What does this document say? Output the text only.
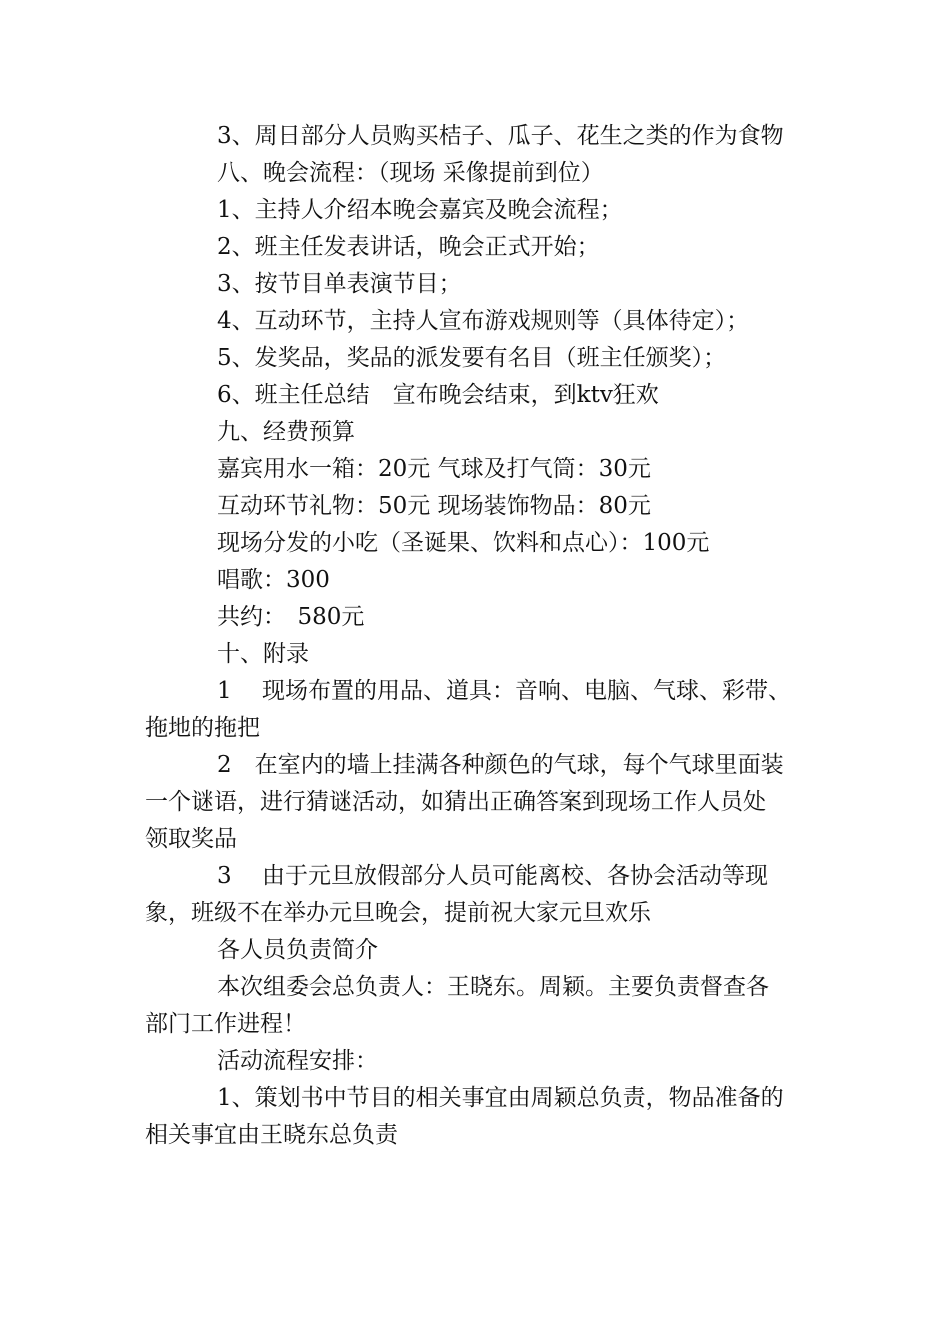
3、周日部分人员购买桔子、瓜子、花生之类的作为食物

八、晚会流程：（现场 采像提前到位）

1、主持人介绍本晚会嘉宾及晚会流程；

2、班主任发表讲话，晚会正式开始；

3、按节目单表演节目；

4、互动环节，主持人宣布游戏规则等（具体待定）；

5、发奖品，奖品的派发要有名目（班主任颁奖）；

6、班主任总结　宣布晚会结束，到ktv狂欢

九、经费预算

嘉宾用水一箱：20元 气球及打气筒：30元

互动环节礼物：50元 现场装饰物品：80元

现场分发的小吃（圣诞果、饮料和点心）：100元

唱歌：300

共约：　580元

十、附录

1　 现场布置的用品、道具：音响、电脑、气球、彩带、

拖地的拖把

2　在室内的墙上挂满各种颜色的气球，每个气球里面装

一个谜语，进行猜谜活动，如猜出正确答案到现场工作人员处

领取奖品

3　 由于元旦放假部分人员可能离校、各协会活动等现

象，班级不在举办元旦晚会，提前祝大家元旦欢乐

各人员负责简介

本次组委会总负责人：王晓东。周颖。主要负责督查各

部门工作进程！

活动流程安排：

1、策划书中节目的相关事宜由周颖总负责，物品准备的

相关事宜由王晓东总负责
